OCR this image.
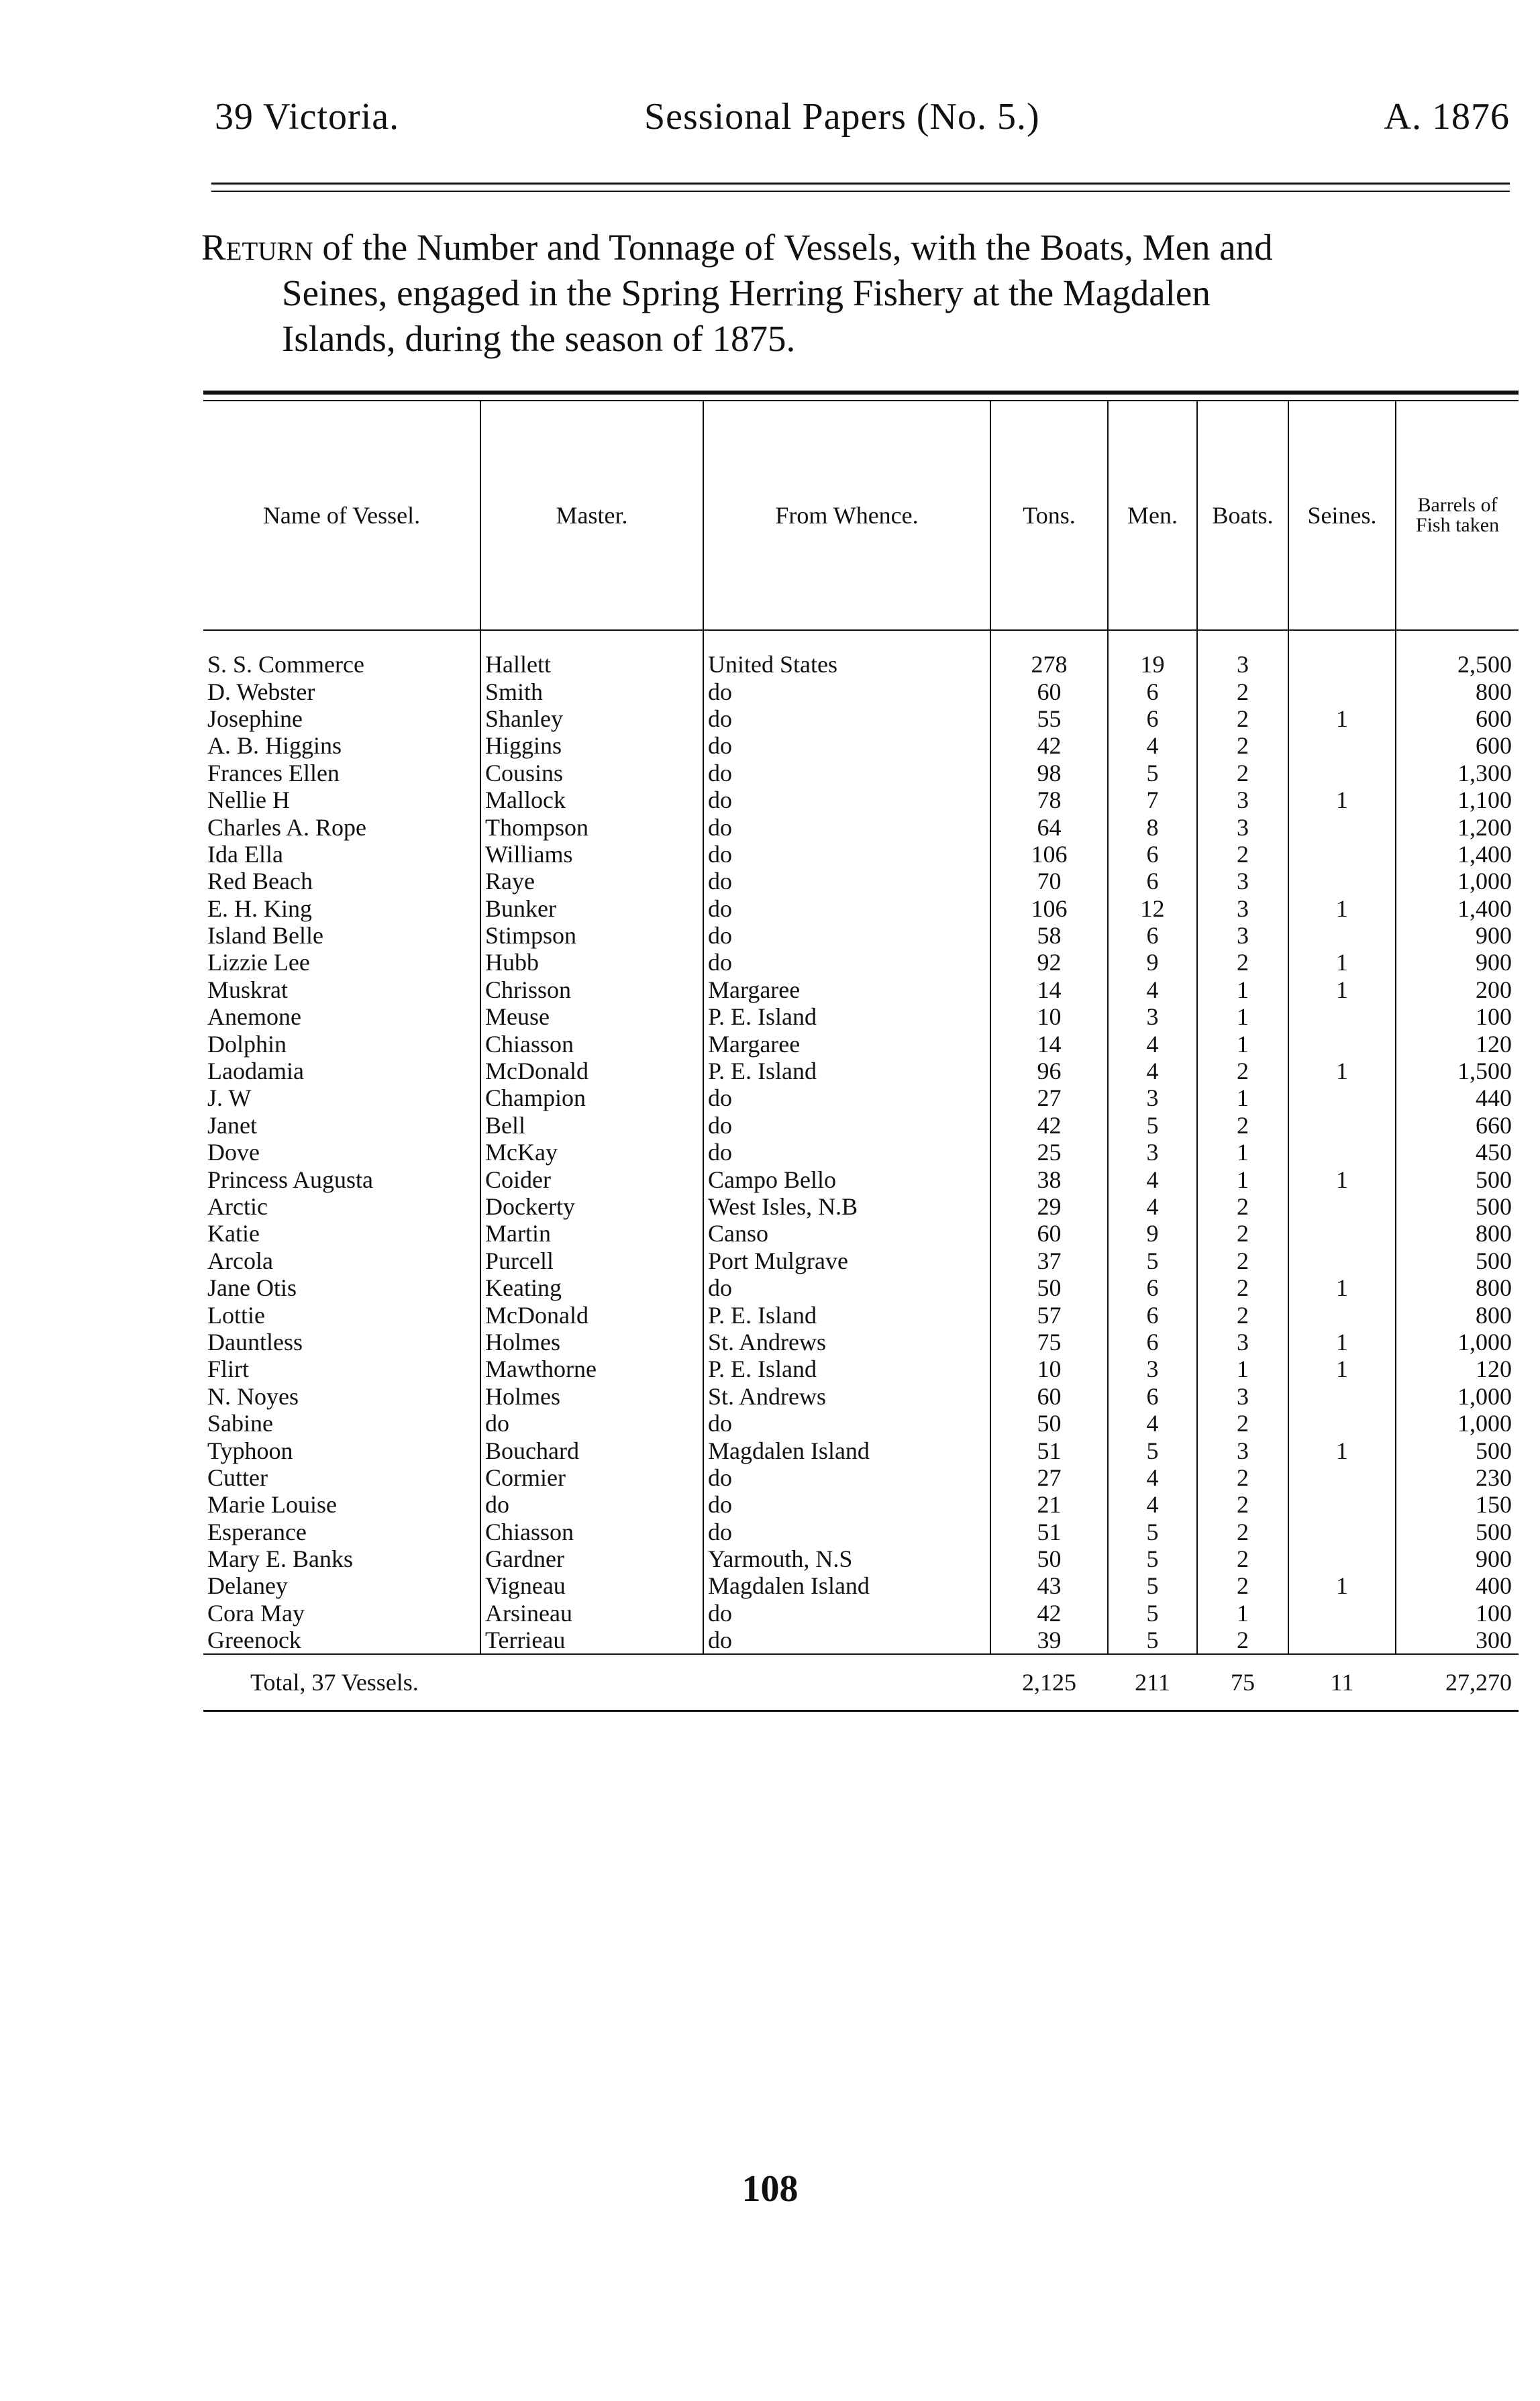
39 Victoria.	Sessional Papers (No. 5.)	A. 1876
Return of the Number and Tonnage of Vessels, with the Boats, Men and
Seines, engaged in the Spring Herring Fishery at the Magdalen
Islands, during the season of 1875.

Name of Vessel.	Master.	From Whence.	Tons.	Men.	Boats.	Seines.	Barrels of Fish taken
S. S. Commerce	Hallett	United States	278	19	3		2,500
D. Webster	Smith	do	60	6	2		800
Josephine	Shanley	do	55	6	2	1	600
A. B. Higgins	Higgins	do	42	4	2		600
Frances Ellen	Cousins	do	98	5	2		1,300
Nellie H	Mallock	do	78	7	3	1	1,100
Charles A. Rope	Thompson	do	64	8	3		1,200
Ida Ella	Williams	do	106	6	2		1,400
Red Beach	Raye	do	70	6	3		1,000
E. H. King	Bunker	do	106	12	3	1	1,400
Island Belle	Stimpson	do	58	6	3		900
Lizzie Lee	Hubb	do	92	9	2	1	900
Muskrat	Chrisson	Margaree	14	4	1	1	200
Anemone	Meuse	P. E. Island	10	3	1		100
Dolphin	Chiasson	Margaree	14	4	1		120
Laodamia	McDonald	P. E. Island	96	4	2	1	1,500
J. W	Champion	do	27	3	1		440
Janet	Bell	do	42	5	2		660
Dove	McKay	do	25	3	1		450
Princess Augusta	Coider	Campo Bello	38	4	1	1	500
Arctic	Dockerty	West Isles, N.B	29	4	2		500
Katie	Martin	Canso	60	9	2		800
Arcola	Purcell	Port Mulgrave	37	5	2		500
Jane Otis	Keating	do	50	6	2	1	800
Lottie	McDonald	P. E. Island	57	6	2		800
Dauntless	Holmes	St. Andrews	75	6	3	1	1,000
Flirt	Mawthorne	P. E. Island	10	3	1	1	120
N. Noyes	Holmes	St. Andrews	60	6	3		1,000
Sabine	do	do	50	4	2		1,000
Typhoon	Bouchard	Magdalen Island	51	5	3	1	500
Cutter	Cormier	do	27	4	2		230
Marie Louise	do	do	21	4	2		150
Esperance	Chiasson	do	51	5	2		500
Mary E. Banks	Gardner	Yarmouth, N.S	50	5	2		900
Delaney	Vigneau	Magdalen Island	43	5	2	1	400
Cora May	Arsineau	do	42	5	1		100
Greenock	Terrieau	do	39	5	2		300
Total, 37 Vessels.			2,125	211	75	11	27,270
108
